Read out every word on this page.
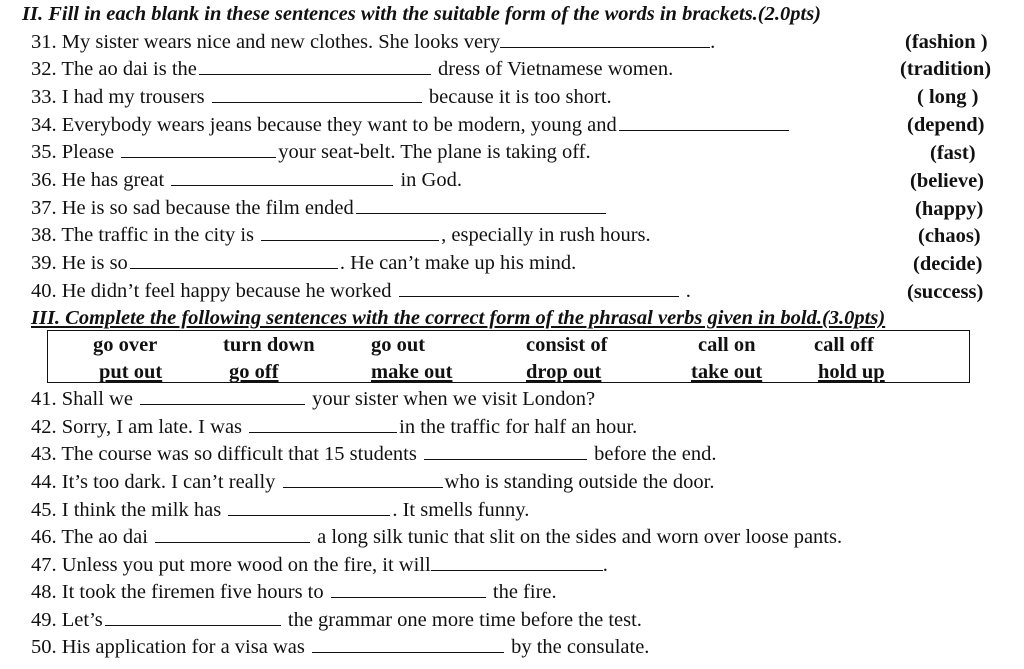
II. Fill in each blank in these sentences with the suitable form of the words in brackets.(2.0pts)
31. My sister wears nice and new clothes. She looks very	.	(fashion )
32. The ao dai is the	dress of Vietnamese women.	(tradition)
33. I had my trousers	because it is too short.	( long )
34. Everybody wears jeans because they want to be modern, young and	(depend)
35. Please	your seat-belt. The plane is taking off.	(fast)
36. He has great	in God.	(believe)
37. He is so sad because the film ended	(happy)
38. The traffic in the city is	, especially in rush hours.	(chaos)
39. He is so	. He can’t make up his mind.	(decide)
40. He didn’t feel happy because he worked	.	(success)
III. Complete the following sentences with the correct form of the phrasal verbs given in bold.(3.0pts)
go over	turn down	go out	consist of	call on	call off
put out	go off	make out	drop out	take out	hold up
41. Shall we	your sister when we visit London?
42. Sorry, I am late. I was	in the traffic for half an hour.
43. The course was so difficult that 15 students	before the end.
44. It’s too dark. I can’t really	who is standing outside the door.
45. I think the milk has	. It smells funny.
46. The ao dai	a long silk tunic that slit on the sides and worn over loose pants.
47. Unless you put more wood on the fire, it will	.
48. It took the firemen five hours to	the fire.
49. Let’s	the grammar one more time before the test.
50. His application for a visa was	by the consulate.
